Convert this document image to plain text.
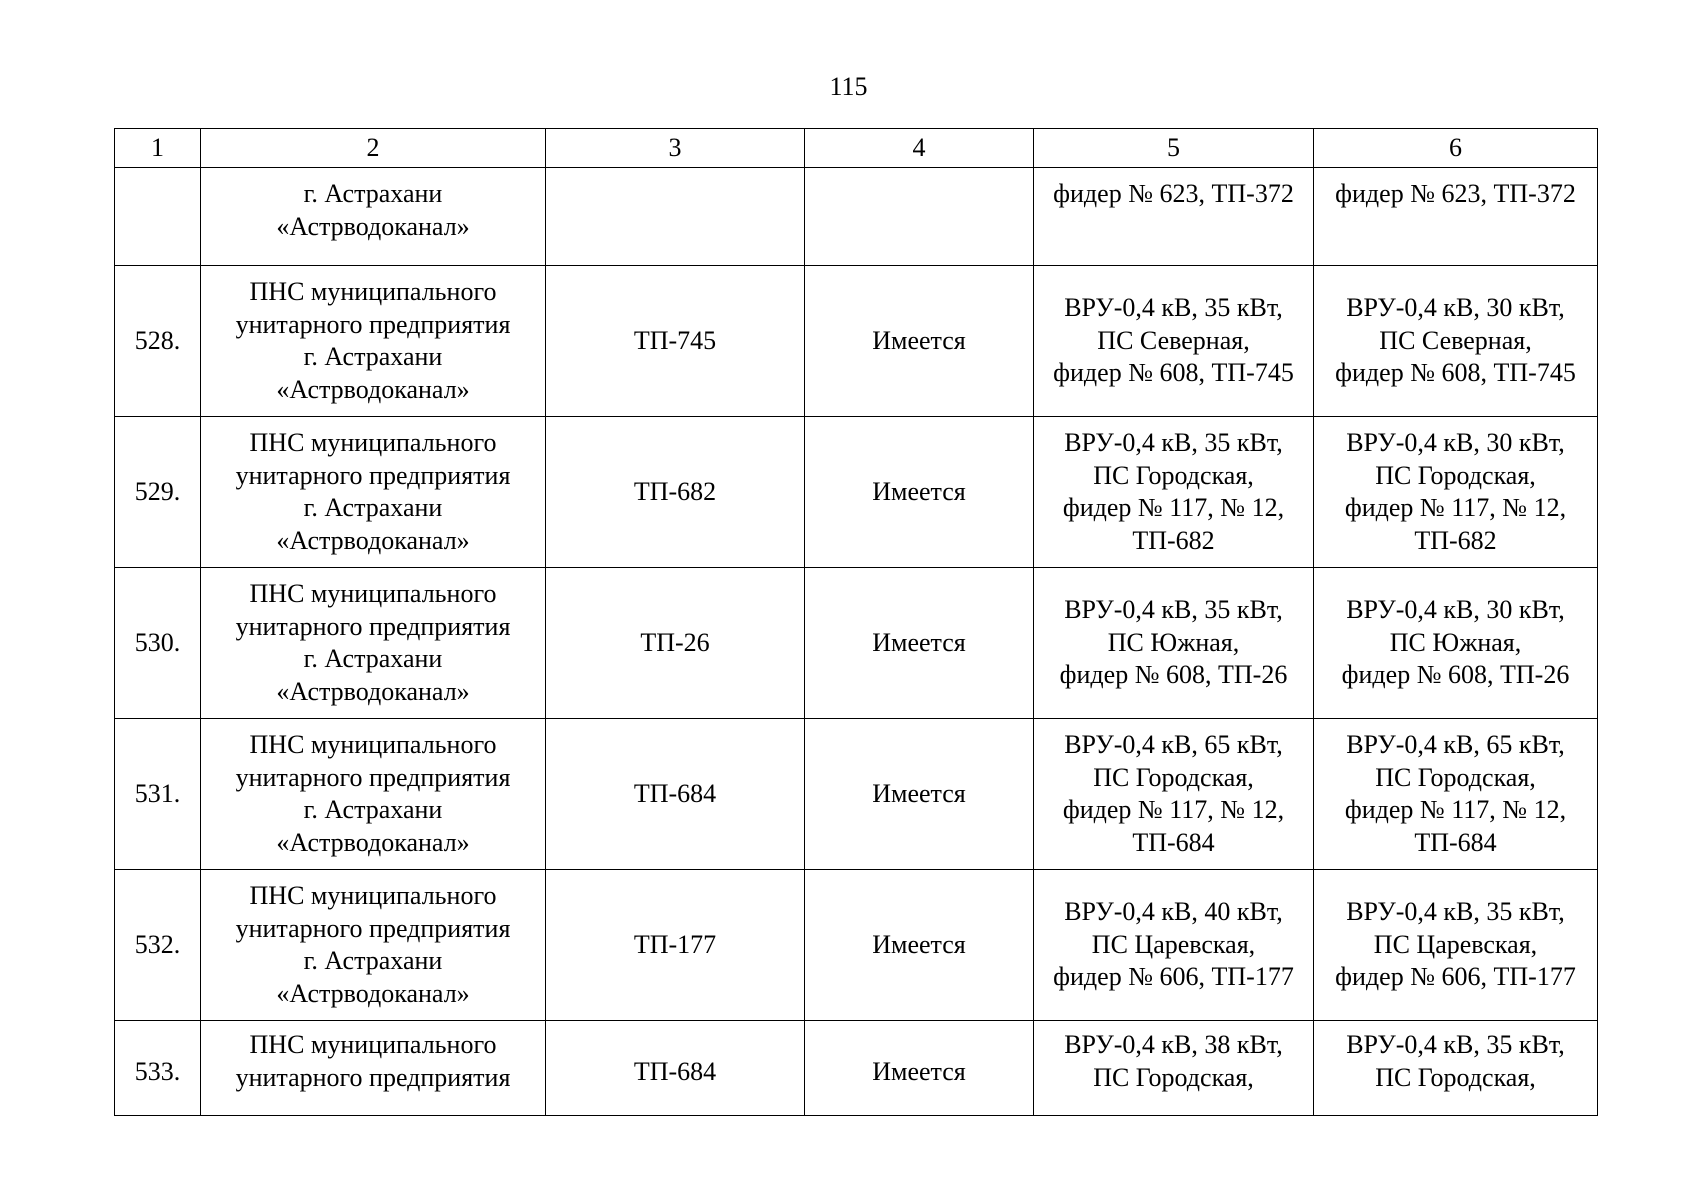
115
1	2	3	4	5	6

	г. Астрахани
«Астрводоканал»			фидер № 623, ТП-372	фидер № 623, ТП-372

528.	ПНС муниципального
унитарного предприятия
г. Астрахани
«Астрводоканал»	ТП-745	Имеется	ВРУ-0,4 кВ, 35 кВт,
ПС Северная,
фидер № 608, ТП-745	ВРУ-0,4 кВ, 30 кВт,
ПС Северная,
фидер № 608, ТП-745

529.	ПНС муниципального
унитарного предприятия
г. Астрахани
«Астрводоканал»	ТП-682	Имеется	ВРУ-0,4 кВ, 35 кВт,
ПС Городская,
фидер № 117, № 12,
ТП-682	ВРУ-0,4 кВ, 30 кВт,
ПС Городская,
фидер № 117, № 12,
ТП-682

530.	ПНС муниципального
унитарного предприятия
г. Астрахани
«Астрводоканал»	ТП-26	Имеется	ВРУ-0,4 кВ, 35 кВт,
ПС Южная,
фидер № 608, ТП-26	ВРУ-0,4 кВ, 30 кВт,
ПС Южная,
фидер № 608, ТП-26

531.	ПНС муниципального
унитарного предприятия
г. Астрахани
«Астрводоканал»	ТП-684	Имеется	ВРУ-0,4 кВ, 65 кВт,
ПС Городская,
фидер № 117, № 12,
ТП-684	ВРУ-0,4 кВ, 65 кВт,
ПС Городская,
фидер № 117, № 12,
ТП-684

532.	ПНС муниципального
унитарного предприятия
г. Астрахани
«Астрводоканал»	ТП-177	Имеется	ВРУ-0,4 кВ, 40 кВт,
ПС Царевская,
фидер № 606, ТП-177	ВРУ-0,4 кВ, 35 кВт,
ПС Царевская,
фидер № 606, ТП-177

533.	ПНС муниципального
унитарного предприятия	ТП-684	Имеется	ВРУ-0,4 кВ, 38 кВт,
ПС Городская,	ВРУ-0,4 кВ, 35 кВт,
ПС Городская,
